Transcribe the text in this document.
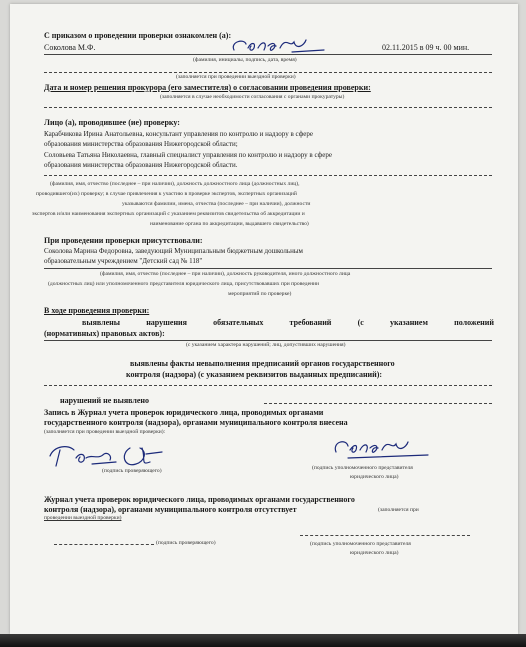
С приказом о проведении проверки ознакомлен (а):
Соколова М.Ф.	02.11.2015 в 09 ч. 00 мин.
(фамилия, инициалы, подпись, дата, время)
(заполняется при проведении выездной проверки)
Дата и номер решения прокурора (его заместителя) о согласовании проведения проверки:
(заполняется в случае необходимости согласования с органами прокуратуры)
Лицо (а), проводившее (ие) проверку:
Карабчикова Ирина Анатольевна, консультант управления по контролю и надзору в сфере
образования министерства образования Нижегородской области;
Соловьева Татьяна Николаевна, главный специалист управления по контролю и надзору в сфере
образования министерства образования Нижегородской области.
(фамилия, имя, отчество (последнее – при наличии), должность должностного лица (должностных лиц),
проводившего(их) проверку; в случае привлечения к участию в проверке экспертов, экспертных организаций
указываются фамилии, имена, отчества (последнее – при наличии), должности
экспертов и/или наименования экспертных организаций с указанием реквизитов свидетельства об аккредитации и
наименование органа по аккредитации, выдавшего свидетельство)
При проведении проверки присутствовали:
Соколова Марина Федоровна, заведующий Муниципальным бюджетным дошкольным
образовательным учреждением "Детский сад № 118"
(фамилия, имя, отчество (последнее – при наличии), должность руководителя, иного должностного лица
(должностных лиц) или уполномоченного представителя юридического лица, присутствовавших при проведении
мероприятий по проверке)
В ходе проведения проверки:
выявлены	нарушения	обязательных	требований	(с	указанием	положений
(нормативных) правовых актов):
(с указанием характера нарушений; лиц, допустивших нарушения)
выявлены факты невыполнения предписаний органов государственного
контроля (надзора) (с указанием реквизитов выданных предписаний):
нарушений не выявлено
Запись в Журнал учета проверок юридического лица, проводимых органами
государственного контроля (надзора), органами муниципального контроля внесена
(заполняется при проведении выездной проверки):
(подпись проверяющего)	(подпись уполномоченного представителя
юридического лица)
Журнал учета проверок юридического лица, проводимых органами государственного
контроля (надзора), органами муниципального контроля отсутствует	(заполняется при
проведении выездной проверки)
(подпись проверяющего)	(подпись уполномоченного представителя
юридического лица)
